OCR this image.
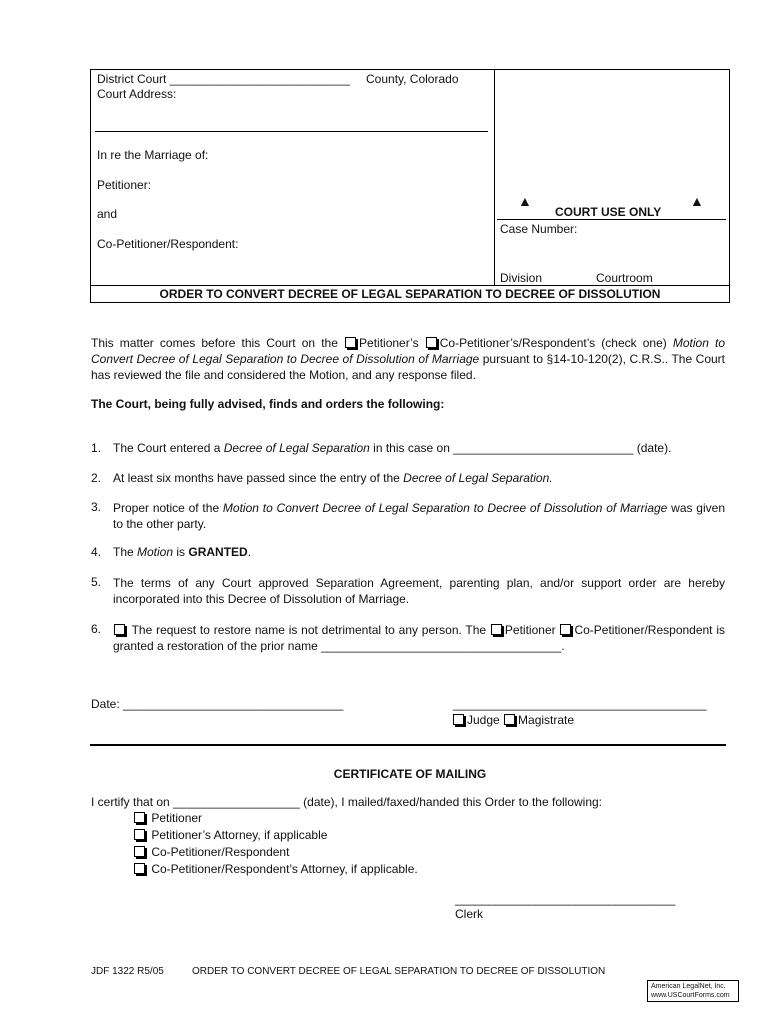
District Court ___________________________ County, Colorado
Court Address:
In re the Marriage of:
Petitioner:
and
Co-Petitioner/Respondent:
▲
COURT USE ONLY
▲
Case Number:
Division	Courtroom
ORDER TO CONVERT DECREE OF LEGAL SEPARATION TO DECREE OF DISSOLUTION
This matter comes before this Court on the Petitioner’s Co-Petitioner’s/Respondent’s (check one) Motion to Convert Decree of Legal Separation to Decree of Dissolution of Marriage pursuant to §14-10-120(2), C.R.S.. The Court has reviewed the file and considered the Motion, and any response filed.
The Court, being fully advised, finds and orders the following:
1. The Court entered a Decree of Legal Separation in this case on ___________________________ (date).
2. At least six months have passed since the entry of the Decree of Legal Separation.
3. Proper notice of the Motion to Convert Decree of Legal Separation to Decree of Dissolution of Marriage was given to the other party.
4. The Motion is GRANTED.
5. The terms of any Court approved Separation Agreement, parenting plan, and/or support order are hereby incorporated into this Decree of Dissolution of Marriage.
6.	The request to restore name is not detrimental to any person. The Petitioner Co-Petitioner/Respondent is granted a restoration of the prior name ____________________________________.
Date: _________________________________	______________________________________
Judge Magistrate
CERTIFICATE OF MAILING
I certify that on ___________________ (date), I mailed/faxed/handed this Order to the following:
Petitioner
Petitioner’s Attorney, if applicable
Co-Petitioner/Respondent
Co-Petitioner/Respondent’s Attorney, if applicable.
_________________________________
Clerk
JDF 1322 R5/05	ORDER TO CONVERT DECREE OF LEGAL SEPARATION TO DECREE OF DISSOLUTION
American LegalNet, Inc.
www.USCourtForms.com
